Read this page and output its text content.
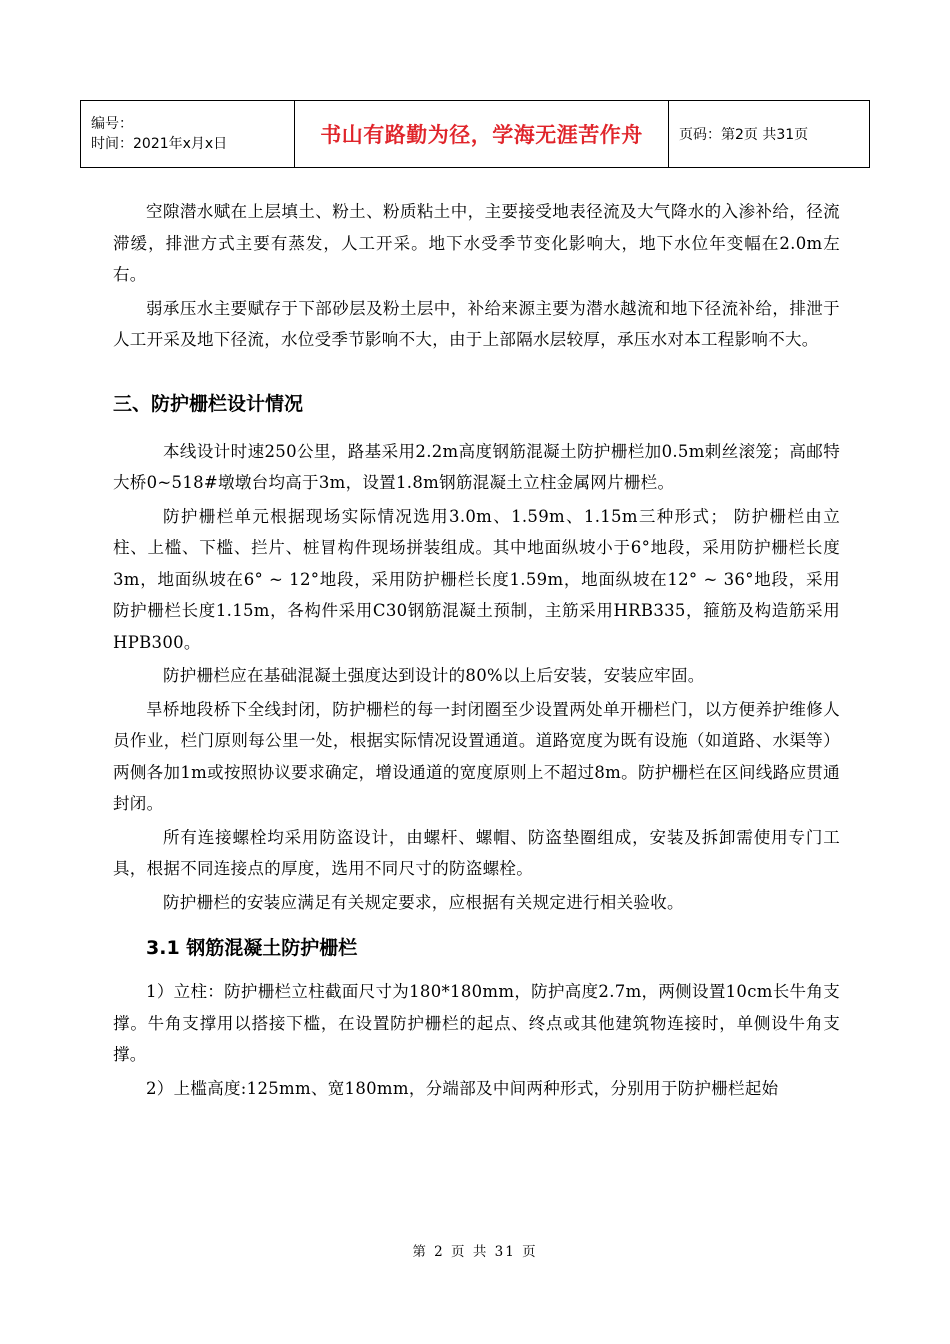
编号：
时间：2021年x月x日	书山有路勤为径，学海无涯苦作舟	页码：第2页 共31页

空隙潜水赋在上层填土、粉土、粉质粘土中，主要接受地表径流及大气降水的入渗补给，径流滞缓，排泄方式主要有蒸发，人工开采。地下水受季节变化影响大，地下水位年变幅在2.0m左右。

弱承压水主要赋存于下部砂层及粉土层中，补给来源主要为潜水越流和地下径流补给，排泄于人工开采及地下径流，水位受季节影响不大，由于上部隔水层较厚，承压水对本工程影响不大。

三、防护栅栏设计情况

本线设计时速250公里，路基采用2.2m高度钢筋混凝土防护栅栏加0.5m刺丝滚笼；高邮特大桥0~518#墩墩台均高于3m，设置1.8m钢筋混凝土立柱金属网片栅栏。

防护栅栏单元根据现场实际情况选用3.0m、1.59m、1.15m三种形式； 防护栅栏由立柱、上槛、下槛、拦片、桩冒构件现场拼装组成。其中地面纵坡小于6°地段，采用防护栅栏长度3m，地面纵坡在6° ~ 12°地段，采用防护栅栏长度1.59m，地面纵坡在12° ~ 36°地段，采用防护栅栏长度1.15m，各构件采用C30钢筋混凝土预制，主筋采用HRB335，箍筋及构造筋采用HPB300。

防护栅栏应在基础混凝土强度达到设计的80%以上后安装，安装应牢固。

旱桥地段桥下全线封闭，防护栅栏的每一封闭圈至少设置两处单开栅栏门，以方便养护维修人员作业，栏门原则每公里一处，根据实际情况设置通道。道路宽度为既有设施（如道路、水渠等）两侧各加1m或按照协议要求确定，增设通道的宽度原则上不超过8m。防护栅栏在区间线路应贯通封闭。

所有连接螺栓均采用防盗设计，由螺杆、螺帽、防盗垫圈组成，安装及拆卸需使用专门工具，根据不同连接点的厚度，选用不同尺寸的防盗螺栓。

防护栅栏的安装应满足有关规定要求，应根据有关规定进行相关验收。

3.1 钢筋混凝土防护栅栏

1）立柱：防护栅栏立柱截面尺寸为180*180mm，防护高度2.7m，两侧设置10cm长牛角支撑。牛角支撑用以搭接下槛，在设置防护栅栏的起点、终点或其他建筑物连接时，单侧设牛角支撑。

2）上槛高度:125mm、宽180mm，分端部及中间两种形式，分别用于防护栅栏起始

第 2 页 共 31 页
